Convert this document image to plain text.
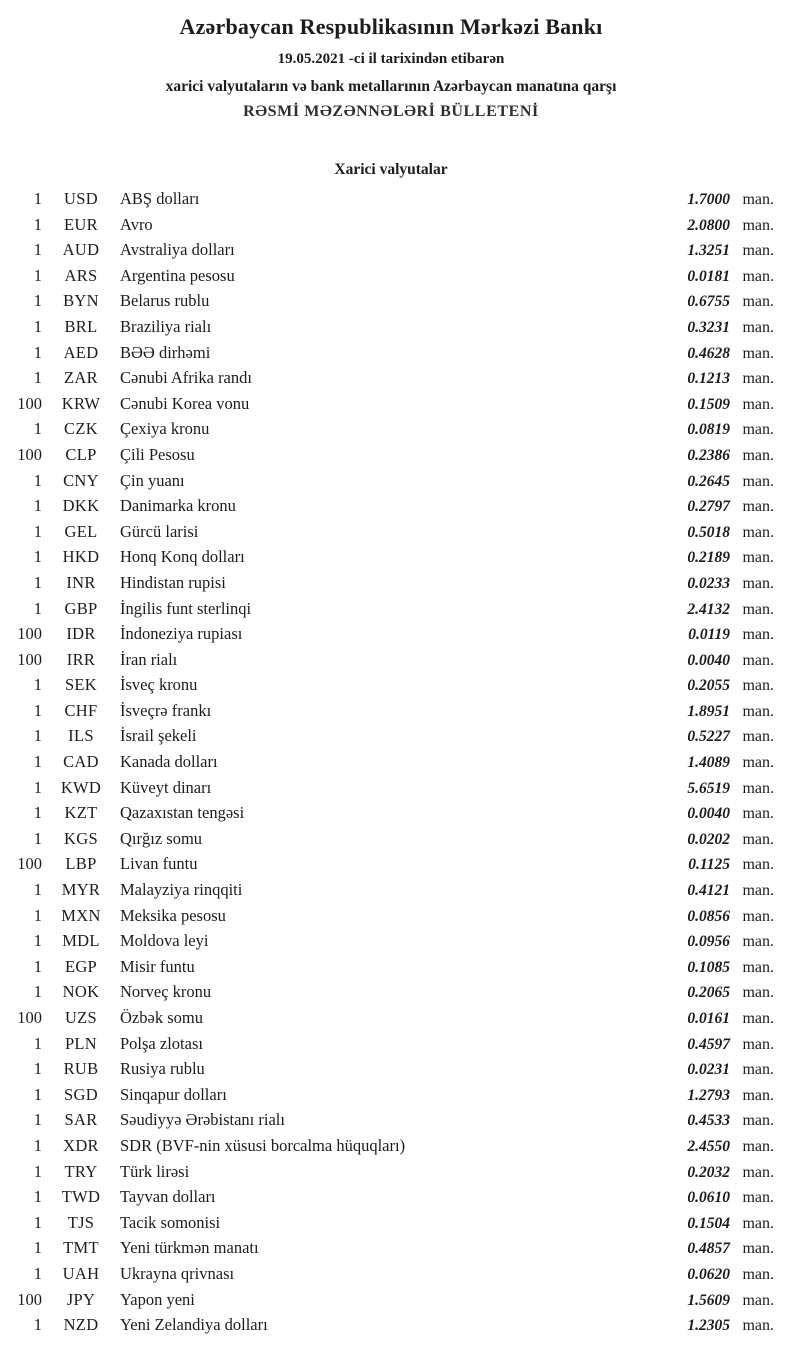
Azərbaycan Respublikasının Mərkəzi Bankı
19.05.2021 -ci il tarixindən etibarən
xarici valyutaların və bank metallarının Azərbaycan manatına qarşı
RƏSMİ MƏZƏNNƏLƏRİ BÜLLETENİ
Xarici valyutalar
1	USD	ABŞ dolları	1.7000 man.
1	EUR	Avro	2.0800 man.
1	AUD	Avstraliya dolları	1.3251 man.
1	ARS	Argentina pesosu	0.0181 man.
1	BYN	Belarus rublu	0.6755 man.
1	BRL	Braziliya rialı	0.3231 man.
1	AED	BƏƏ dirhəmi	0.4628 man.
1	ZAR	Cənubi Afrika randı	0.1213 man.
100	KRW	Cənubi Korea vonu	0.1509 man.
1	CZK	Çexiya kronu	0.0819 man.
100	CLP	Çili Pesosu	0.2386 man.
1	CNY	Çin yuanı	0.2645 man.
1	DKK	Danimarka kronu	0.2797 man.
1	GEL	Gürcü larisi	0.5018 man.
1	HKD	Honq Konq dolları	0.2189 man.
1	INR	Hindistan rupisi	0.0233 man.
1	GBP	İngilis funt sterlinqi	2.4132 man.
100	IDR	İndoneziya rupiası	0.0119 man.
100	IRR	İran rialı	0.0040 man.
1	SEK	İsveç kronu	0.2055 man.
1	CHF	İsveçrə frankı	1.8951 man.
1	ILS	İsrail şekeli	0.5227 man.
1	CAD	Kanada dolları	1.4089 man.
1	KWD	Küveyt dinarı	5.6519 man.
1	KZT	Qazaxıstan tengəsi	0.0040 man.
1	KGS	Qırğız somu	0.0202 man.
100	LBP	Livan funtu	0.1125 man.
1	MYR	Malayziya rinqqiti	0.4121 man.
1	MXN	Meksika pesosu	0.0856 man.
1	MDL	Moldova leyi	0.0956 man.
1	EGP	Misir funtu	0.1085 man.
1	NOK	Norveç kronu	0.2065 man.
100	UZS	Özbək somu	0.0161 man.
1	PLN	Polşa zlotası	0.4597 man.
1	RUB	Rusiya rublu	0.0231 man.
1	SGD	Sinqapur dolları	1.2793 man.
1	SAR	Səudiyyə Ərəbistanı rialı	0.4533 man.
1	XDR	SDR (BVF-nin xüsusi borcalma hüquqları)	2.4550 man.
1	TRY	Türk lirəsi	0.2032 man.
1	TWD	Tayvan dolları	0.0610 man.
1	TJS	Tacik somonisi	0.1504 man.
1	TMT	Yeni türkmən manatı	0.4857 man.
1	UAH	Ukrayna qrivnası	0.0620 man.
100	JPY	Yapon yeni	1.5609 man.
1	NZD	Yeni Zelandiya dolları	1.2305 man.
